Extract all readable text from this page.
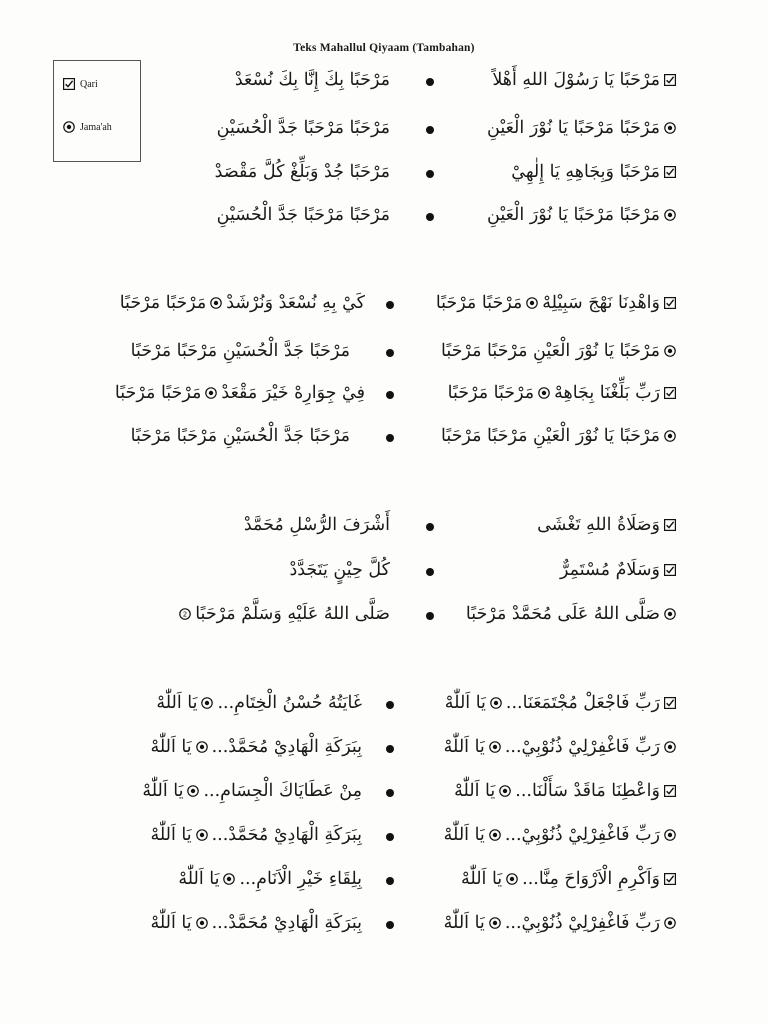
Teks Mahallul Qiyaam (Tambahan)
Qari
Jama'ah
مَرْحَبًا يَا رَسُوْلَ اللهِ أَهْلاً
مَرْحَبًا بِكَ إِنَّا بِكَ نُسْعَدْ
مَرْحَبًا مَرْحَبًا يَا نُوْرَ الْعَيْنِ
مَرْحَبًا مَرْحَبًا جَدَّ الْحُسَيْنِ
مَرْحَبًا وَبِجَاهِهِ يَا إِلٰهِيْ
مَرْحَبًا جُدْ وَبَلِّغْ كُلَّ مَقْصَدْ
مَرْحَبًا مَرْحَبًا يَا نُوْرَ الْعَيْنِ
مَرْحَبًا مَرْحَبًا جَدَّ الْحُسَيْنِ
وَاهْدِنَا نَهْجَ سَبِيْلِهْ
مَرْحَبًا مَرْحَبًا
كَيْ بِهِ نُسْعَدْ وَنُرْشَدْ
مَرْحَبًا مَرْحَبًا
مَرْحَبًا يَا نُوْرَ الْعَيْنِ مَرْحَبًا مَرْحَبًا
مَرْحَبًا جَدَّ الْحُسَيْنِ مَرْحَبًا مَرْحَبًا
رَبِّ بَلِّغْنَا بِجَاهِهْ
مَرْحَبًا مَرْحَبًا
فِيْ جِوَارِهْ خَيْرَ مَقْعَدْ
مَرْحَبًا مَرْحَبًا
مَرْحَبًا يَا نُوْرَ الْعَيْنِ مَرْحَبًا مَرْحَبًا
مَرْحَبًا جَدَّ الْحُسَيْنِ مَرْحَبًا مَرْحَبًا
وَصَلَاةُ اللهِ تَغْشَى
أَشْرَفَ الرُّسْلِ مُحَمَّدْ
وَسَلَامٌ مُسْتَمِرٌّ
كُلَّ حِيْنٍ يَتَجَدَّدْ
صَلَّى اللهُ عَلَى مُحَمَّدْ مَرْحَبًا
صَلَّى اللهُ عَلَيْهِ وَسَلَّمْ مَرْحَبًا
2
رَبِّ فَاجْعَلْ مُجْتَمَعَنَا...
يَا اَللّٰهْ
غَايَتُهُ حُسْنُ الْخِتَامِ...
يَا اَللّٰهْ
رَبِّ فَاغْفِرْلِيْ ذُنُوْبِيْ...
يَا اَللّٰهْ
بِبَرَكَةِ الْهَادِيْ مُحَمَّدْ...
يَا اَللّٰهْ
وَاعْطِنَا مَاقَدْ سَأَلْنَا...
يَا اَللّٰهْ
مِنْ عَطَايَاكَ الْجِسَامِ...
يَا اَللّٰهْ
رَبِّ فَاغْفِرْلِيْ ذُنُوْبِيْ...
يَا اَللّٰهْ
بِبَرَكَةِ الْهَادِيْ مُحَمَّدْ...
يَا اَللّٰهْ
وَاَكْرِمِ الْاَرْوَاحَ مِنَّا...
يَا اَللّٰهْ
بِلِقَاءِ خَيْرِ الْاَنَامِ...
يَا اَللّٰهْ
رَبِّ فَاغْفِرْلِيْ ذُنُوْبِيْ...
يَا اَللّٰهْ
بِبَرَكَةِ الْهَادِيْ مُحَمَّدْ...
يَا اَللّٰهْ
